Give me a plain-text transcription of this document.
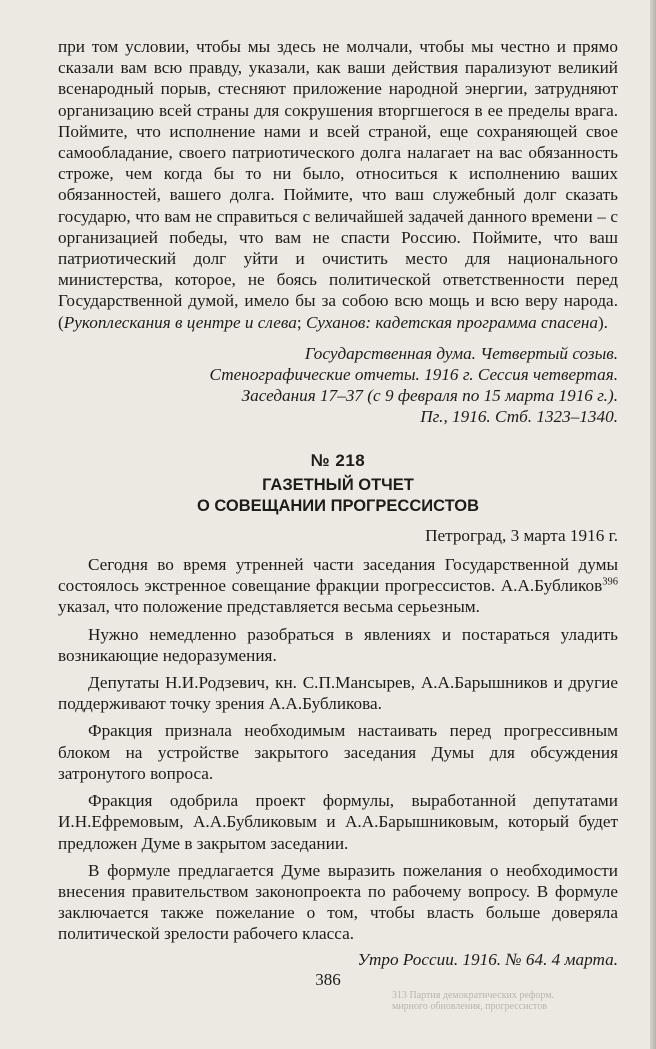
при том условии, чтобы мы здесь не молчали, чтобы мы честно и прямо сказали вам всю правду, указали, как ваши действия парализуют великий всенародный порыв, стесняют приложение народной энергии, затрудняют организацию всей страны для сокрушения вторгшегося в ее пределы врага. Поймите, что исполнение нами и всей страной, еще сохраняющей свое самообладание, своего патриотического долга налагает на вас обязанность строже, чем когда бы то ни было, относиться к исполнению ваших обязанностей, вашего долга. Поймите, что ваш служебный долг сказать государю, что вам не справиться с величайшей задачей данного времени – с организацией победы, что вам не спасти Россию. Поймите, что ваш патриотический долг уйти и очистить место для национального министерства, которое, не боясь политической ответственности перед Государственной думой, имело бы за собою всю мощь и всю веру народа. (Рукоплескания в центре и слева; Суханов: кадетская программа спасена).

Государственная дума. Четвертый созыв.
Стенографические отчеты. 1916 г. Сессия четвертая.
Заседания 17–37 (с 9 февраля по 15 марта 1916 г.).
Пг., 1916. Стб. 1323–1340.
№ 218
ГАЗЕТНЫЙ ОТЧЕТ
О СОВЕЩАНИИ ПРОГРЕССИСТОВ
Петроград, 3 марта 1916 г.

Сегодня во время утренней части заседания Государственной думы состоялось экстренное совещание фракции прогрессистов. А.А.Бубликов$^{396}$ указал, что положение представляется весьма серьезным.

Нужно немедленно разобраться в явлениях и постараться уладить возникающие недоразумения.

Депутаты Н.И.Родзевич, кн. С.П.Мансырев, А.А.Барышников и другие поддерживают точку зрения А.А.Бубликова.

Фракция признала необходимым настаивать перед прогрессивным блоком на устройстве закрытого заседания Думы для обсуждения затронутого вопроса.

Фракция одобрила проект формулы, выработанной депутатами И.Н.Ефремовым, А.А.Бубликовым и А.А.Барышниковым, который будет предложен Думе в закрытом заседании.

В формуле предлагается Думе выразить пожелания о необходимости внесения правительством законопроекта по рабочему вопросу. В формуле заключается также пожелание о том, чтобы власть больше доверяла политической зрелости рабочего класса.

Утро России. 1916. № 64. 4 марта.
386
313 Партия демократических реформ.
мирного обновления, прогрессистов
